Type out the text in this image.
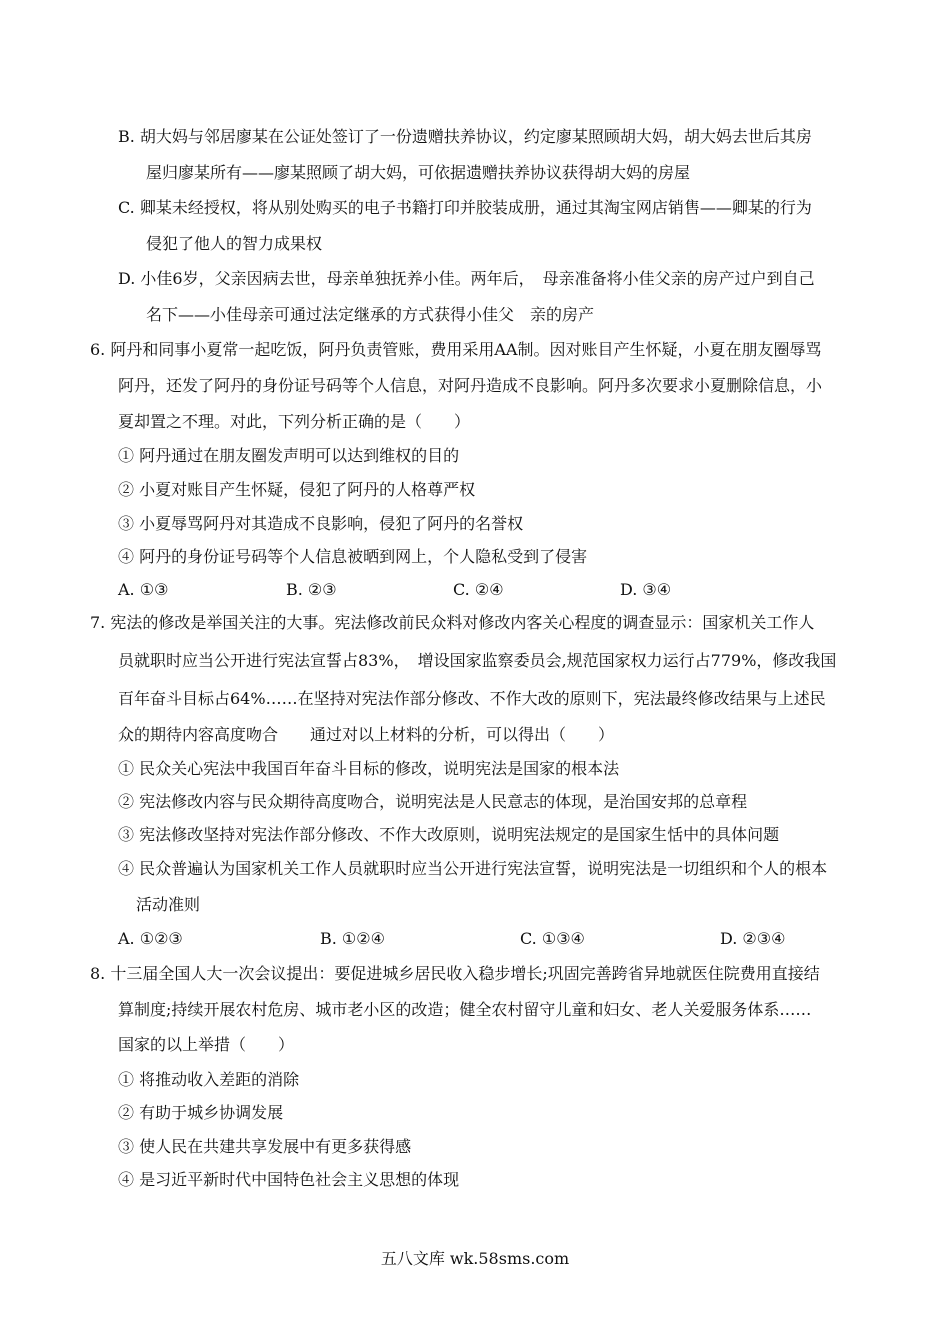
B. 胡大妈与邻居廖某在公证处签订了一份遗赠扶养协议，约定廖某照顾胡大妈，胡大妈去世后其房
屋归廖某所有——廖某照顾了胡大妈，可依据遗赠扶养协议获得胡大妈的房屋
C. 卿某未经授权，将从别处购买的电子书籍打印并胶装成册，通过其淘宝网店销售——卿某的行为
侵犯了他人的智力成果权
D. 小佳6岁，父亲因病去世，母亲单独抚养小佳。两年后，　母亲准备将小佳父亲的房产过户到自己
名下——小佳母亲可通过法定继承的方式获得小佳父　亲的房产
6. 阿丹和同事小夏常一起吃饭，阿丹负责管账，费用采用AA制。因对账目产生怀疑，小夏在朋友圈辱骂
阿丹，还发了阿丹的身份证号码等个人信息，对阿丹造成不良影响。阿丹多次要求小夏删除信息，小
夏却置之不理。对此，下列分析正确的是（　　）
① 阿丹通过在朋友圈发声明可以达到维权的目的
② 小夏对账目产生怀疑，侵犯了阿丹的人格尊严权
③ 小夏辱骂阿丹对其造成不良影响，侵犯了阿丹的名誉权
④ 阿丹的身份证号码等个人信息被晒到网上，个人隐私受到了侵害
A. ①③	B. ②③	C. ②④	D. ③④
7. 宪法的修改是举国关注的大事。宪法修改前民众料对修改内客关心程度的调查显示：国家机关工作人
员就职时应当公开进行宪法宣誓占83%，　增设国家监察委员会,规范国家权力运行占779%，修改我国
百年奋斗目标占64%……在坚持对宪法作部分修改、不作大改的原则下，宪法最终修改结果与上述民
众的期待内容高度吻合　　通过对以上材料的分析，可以得出（　　）
① 民众关心宪法中我国百年奋斗目标的修改，说明宪法是国家的根本法
② 宪法修改内容与民众期待高度吻合，说明宪法是人民意志的体现，是治国安邦的总章程
③ 宪法修改坚持对宪法作部分修改、不作大改原则，说明宪法规定的是国家生恬中的具体问题
④ 民众普遍认为国家机关工作人员就职时应当公开进行宪法宣誓，说明宪法是一切组织和个人的根本
活动准则
A. ①②③	B. ①②④	C. ①③④	D. ②③④
8. 十三届全国人大一次会议提出：要促进城乡居民收入稳步增长;巩固完善跨省异地就医住院费用直接结
算制度;持续开展农村危房、城市老小区的改造；健全农村留守儿童和妇女、老人关爱服务体系……
国家的以上举措（　　）
① 将推动收入差距的消除
② 有助于城乡协调发展
③ 使人民在共建共享发展中有更多获得感
④ 是习近平新时代中国特色社会主义思想的体现
五八文库 wk.58sms.com
